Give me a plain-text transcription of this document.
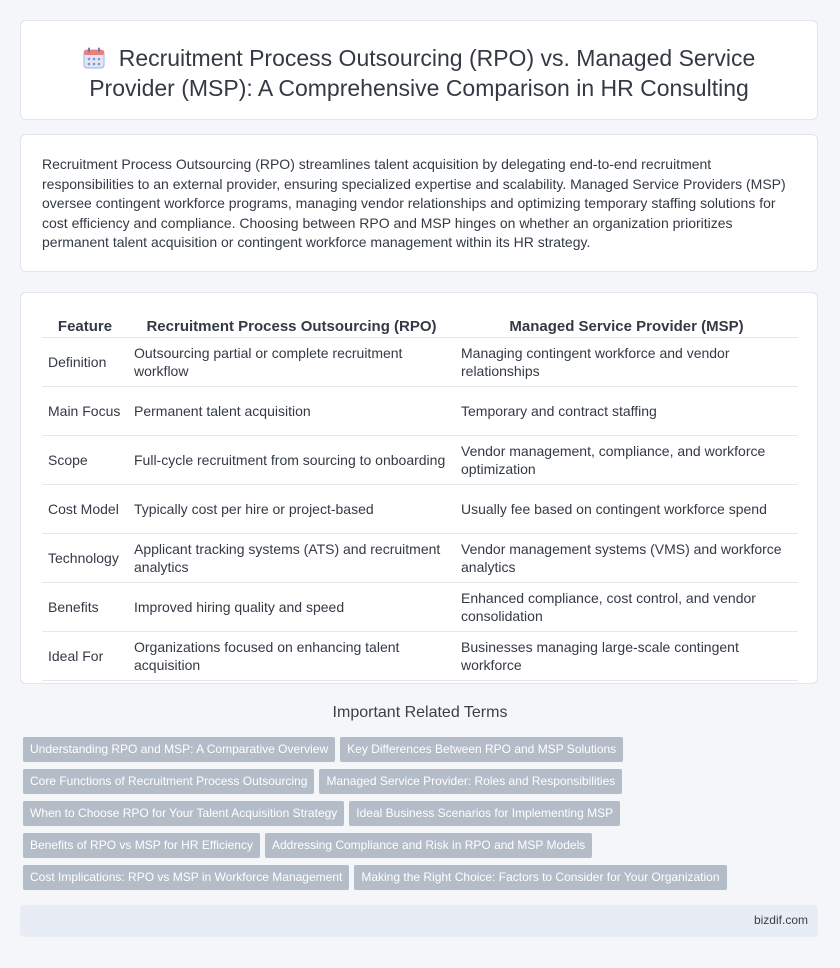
Recruitment Process Outsourcing (RPO) vs. Managed Service
Provider (MSP): A Comprehensive Comparison in HR Consulting

Recruitment Process Outsourcing (RPO) streamlines talent acquisition by delegating end-to-end recruitment responsibilities to an external provider, ensuring specialized expertise and scalability. Managed Service Providers (MSP) oversee contingent workforce programs, managing vendor relationships and optimizing temporary staffing solutions for cost efficiency and compliance. Choosing between RPO and MSP hinges on whether an organization prioritizes permanent talent acquisition or contingent workforce management within its HR strategy.

Feature	Recruitment Process Outsourcing (RPO)	Managed Service Provider (MSP)
Definition	Outsourcing partial or complete recruitment workflow	Managing contingent workforce and vendor relationships
Main Focus	Permanent talent acquisition	Temporary and contract staffing
Scope	Full-cycle recruitment from sourcing to onboarding	Vendor management, compliance, and workforce optimization
Cost Model	Typically cost per hire or project-based	Usually fee based on contingent workforce spend
Technology	Applicant tracking systems (ATS) and recruitment analytics	Vendor management systems (VMS) and workforce analytics
Benefits	Improved hiring quality and speed	Enhanced compliance, cost control, and vendor consolidation
Ideal For	Organizations focused on enhancing talent acquisition	Businesses managing large-scale contingent workforce
Important Related Terms
Understanding RPO and MSP: A Comparative Overview Key Differences Between RPO and MSP Solutions
Core Functions of Recruitment Process Outsourcing Managed Service Provider: Roles and Responsibilities
When to Choose RPO for Your Talent Acquisition Strategy Ideal Business Scenarios for Implementing MSP
Benefits of RPO vs MSP for HR Efficiency Addressing Compliance and Risk in RPO and MSP Models
Cost Implications: RPO vs MSP in Workforce Management Making the Right Choice: Factors to Consider for Your Organization
bizdif.com
